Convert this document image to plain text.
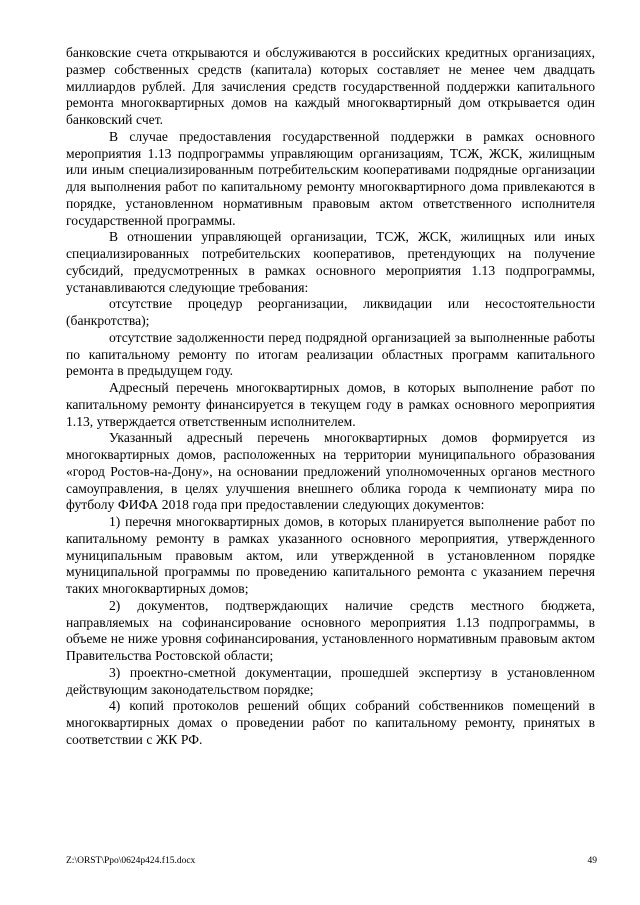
банковские счета открываются и обслуживаются в российских кредитных организациях, размер собственных средств (капитала) которых составляет не менее чем двадцать миллиардов рублей. Для зачисления средств государственной поддержки капитального ремонта многоквартирных домов на каждый многоквартирный дом открывается один банковский счет.

В случае предоставления государственной поддержки в рамках основного мероприятия 1.13 подпрограммы управляющим организациям, ТСЖ, ЖСК, жилищным или иным специализированным потребительским кооперативами подрядные организации для выполнения работ по капитальному ремонту многоквартирного дома привлекаются в порядке, установленном нормативным правовым актом ответственного исполнителя государственной программы.

В отношении управляющей организации, ТСЖ, ЖСК, жилищных или иных специализированных потребительских кооперативов, претендующих на получение субсидий, предусмотренных в рамках основного мероприятия 1.13 подпрограммы, устанавливаются следующие требования:

отсутствие процедур реорганизации, ликвидации или несостоятельности (банкротства);

отсутствие задолженности перед подрядной организацией за выполненные работы по капитальному ремонту по итогам реализации областных программ капитального ремонта в предыдущем году.

Адресный перечень многоквартирных домов, в которых выполнение работ по капитальному ремонту финансируется в текущем году в рамках основного мероприятия 1.13, утверждается ответственным исполнителем.

Указанный адресный перечень многоквартирных домов формируется из многоквартирных домов, расположенных на территории муниципального образования «город Ростов-на-Дону», на основании предложений уполномоченных органов местного самоуправления, в целях улучшения внешнего облика города к чемпионату мира по футболу ФИФА 2018 года при предоставлении следующих документов:

1) перечня многоквартирных домов, в которых планируется выполнение работ по капитальному ремонту в рамках указанного основного мероприятия, утвержденного муниципальным правовым актом, или утвержденной в установленном порядке муниципальной программы по проведению капитального ремонта с указанием перечня таких многоквартирных домов;

2) документов, подтверждающих наличие средств местного бюджета, направляемых на софинансирование основного мероприятия 1.13 подпрограммы, в объеме не ниже уровня софинансирования, установленного нормативным правовым актом Правительства Ростовской области;

3) проектно-сметной документации, прошедшей экспертизу в установленном действующим законодательством порядке;

4) копий протоколов решений общих собраний собственников помещений в многоквартирных домах о проведении работ по капитальному ремонту, принятых в соответствии с ЖК РФ.

Z:\ORST\Ppo\0624p424.f15.docx	49
